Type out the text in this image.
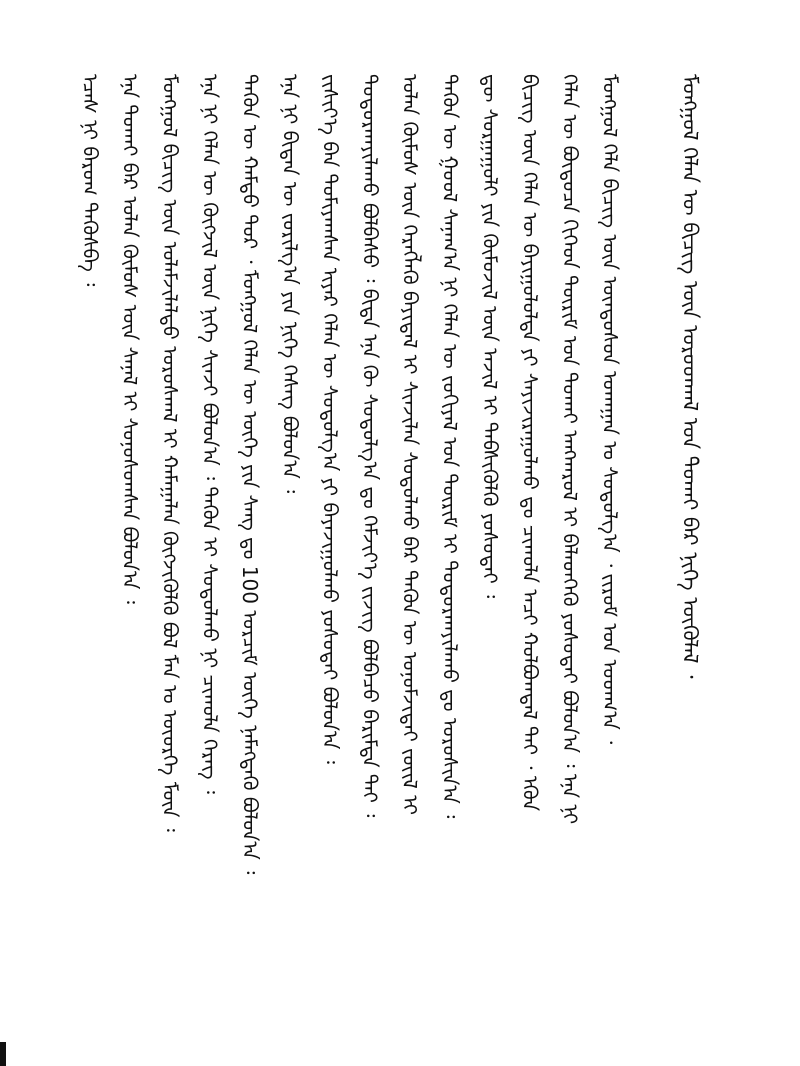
ᠮᠣᠩᠭᠣᠯ ᠬᠡᠯᠡᠨ ᠦ ᠪᠢᠴᠢᠭ ᠦᠨ ᠤᠷᠤᠳᠬᠠᠯ ᠤᠨ ᠲᠤᠬᠠᠢ ᠪᠡᠷ ᠨᠢᠭᠡ ᠦᠭᠦᠯᠡᠯ ᠂
ᠮᠣᠩᠭᠣᠯ ᠬᠡᠯᠡ ᠪᠢᠴᠢᠭ ᠦᠨ ᠦᠨᠳᠦᠰᠦᠨ ᠤᠬᠠᠭᠠᠨ ᠤ ᠰᠤᠳᠤᠯᠭ᠎ᠠ ᠂ ᠵᠢᠷᠤᠮ ᠤᠨ ᠤᠳᠬ᠎ᠠ ᠂
ᠬᠡᠯᠡᠨ ᠦ ᠪᠦᠲᠦᠴᠡ ᠬᠢᠭᠡᠳ ᠳᠦᠷᠢᠮ ᠤᠨ ᠲᠤᠬᠠᠢ ᠠᠩᠬᠠᠷᠤᠯ ᠢ ᠪᠡᠯᠡᠳᠬᠡᠬᠦ ᠶᠤᠰᠤᠲᠠᠢ ᠪᠣᠯᠤᠨ᠎ᠠ ᠄ ᠡᠨᠡ ᠨᠢ
ᠪᠢᠴᠢᠭ ᠦᠨ ᠬᠡᠯᠡᠨ ᠦ ᠪᠠᠶᠢᠭᠤᠯᠤᠯᠲᠠ ᠶᠢ ᠰᠠᠶᠢᠵᠢᠷᠠᠭᠤᠯᠬᠤ ᠳᠤ ᠴᠢᠬᠤᠯᠠ ᠠᠴᠢ ᠬᠣᠯᠪᠣᠭᠳᠠᠯ ᠲᠠᠢ ᠂ ᠡᠭᠦᠨ
ᠳᠦ ᠰᠤᠷᠭᠠᠭᠤᠯᠢ ᠶᠢᠨ ᠬᠦᠮᠦᠵᠢᠯ ᠦᠨ ᠠᠵᠢᠯ ᠢ ᠳᠡᠪᠰᠢᠭᠦᠯᠬᠦ ᠶᠤᠰᠤᠲᠠᠢ ᠄
ᠲᠡᠭᠦᠨ ᠦ ᠭᠤᠤᠯ ᠰᠠᠨᠠᠭ᠎ᠠ ᠨᠢ ᠬᠡᠯᠡᠨ ᠦ ᠵᠣᠬᠢᠶᠠᠯ ᠤᠨ ᠳᠦᠷᠢᠮ ᠢ ᠲᠣᠳᠤᠷᠬᠠᠶᠢᠯᠠᠬᠤ ᠳᠤ ᠣᠷᠣᠰᠢᠨ᠎ᠠ ᠄
ᠣᠯᠠᠨ ᠬᠦᠮᠦᠰ ᠦᠨ ᠬᠡᠷᠡᠭᠯᠡᠬᠦ ᠪᠠᠶᠢᠳᠠᠯ ᠢ ᠰᠢᠨᠵᠢᠯᠡᠨ ᠰᠤᠳᠤᠯᠬᠤ ᠪᠡᠷ ᠲᠡᠭᠦᠨ ᠦ ᠤᠨᠤᠮᠵᠢᠲᠠᠢ ᠵᠦᠢᠯ ᠢ
ᠲᠣᠳᠤᠷᠬᠠᠶᠢᠯᠠᠬᠤ ᠪᠣᠯᠪᠠᠰᠤ ᠄ ᠪᠢᠳᠡ ᠡᠨᠡ ᠬᠦ ᠰᠤᠳᠤᠯᠭ᠎ᠠ ᠳᠤ ᠬᠡᠮᠵᠢᠶ᠎ᠡ ᠵᠢᠵᠢᠭ ᠪᠤᠯᠪᠠᠴᠤ ᠪᠠᠷᠢᠮᠲᠠ ᠲᠠᠢ ᠄
ᠵᠢᠱᠢᠶ᠎ᠡ ᠪᠡᠨ ᠲᠣᠮᠢᠶᠠᠭᠰᠠᠨ ᠢᠶᠡᠷ ᠬᠡᠯᠡᠨ ᠦ ᠰᠤᠳᠤᠯᠭ᠎ᠠ ᠶᠢ ᠪᠠᠶᠠᠵᠢᠭᠤᠯᠬᠤ ᠶᠤᠰᠤᠲᠠᠢ ᠪᠣᠯᠤᠨ᠎ᠠ ᠄
ᠡᠨᠡ ᠨᠢ ᠪᠢᠳᠡᠨ ᠦ ᠵᠣᠷᠢᠯᠭ᠎ᠠ ᠶᠢᠨ ᠨᠢᠭᠡ ᠬᠡᠰᠡᠭ ᠪᠣᠯᠤᠨ᠎ᠠ ᠄
ᠲᠡᠭᠦᠨ ᠦ ᠬᠠᠮᠲᠤ ᠳᠤᠷ ᠂ ᠮᠣᠩᠭᠣᠯ ᠬᠡᠯᠡᠨ ᠦ ᠦᠭᠡ ᠶᠢᠨ ᠰᠠᠩ ᠳᠤ 100 ᠣᠷᠴᠢᠮ ᠦᠭᠡ ᠨᠡᠮᠡᠭᠳᠡᠬᠦ ᠪᠣᠯᠤᠨ᠎ᠠ ᠄
ᠡᠨᠡ ᠨᠢ ᠬᠡᠯᠡᠨ ᠦ ᠬᠦᠭᠵᠢᠯ ᠦᠨ ᠨᠢᠭᠡ ᠰᠢᠨᠵᠢ ᠪᠣᠯᠤᠨ᠎ᠠ ᠄ ᠲᠡᠭᠦᠨ ᠢ ᠰᠤᠳᠤᠯᠬᠤ ᠨᠢ ᠴᠢᠬᠤᠯᠠ ᠬᠡᠷᠡᠭ ᠄
ᠮᠣᠩᠭᠣᠯ ᠪᠢᠴᠢᠭ ᠦᠨ ᠤᠯᠠᠮᠵᠢᠯᠠᠯᠲᠤ ᠤᠷᠤᠰᠬᠠᠯ ᠢ ᠬᠠᠮᠠᠭᠠᠯᠠᠨ ᠬᠥᠭᠵᠢᠭᠦᠯᠬᠦ ᠪᠣᠯ ᠮᠠᠨ ᠤ ᠦᠦᠷᠭᠡ ᠮᠥᠨ ᠄
ᠡᠨᠡ ᠲᠤᠬᠠᠢ ᠪᠡᠷ ᠣᠯᠠᠨ ᠬᠦᠮᠦᠰ ᠦᠨ ᠰᠠᠨᠠᠯ ᠢ ᠰᠣᠨᠣᠰᠤᠭᠰᠠᠨ ᠪᠣᠯᠤᠨ᠎ᠠ ᠄
ᠡᠴᠡᠰ ᠨᠢ ᠪᠠᠷᠤᠭ ᠲᠡᠭᠦᠰᠪᠡ ᠄
